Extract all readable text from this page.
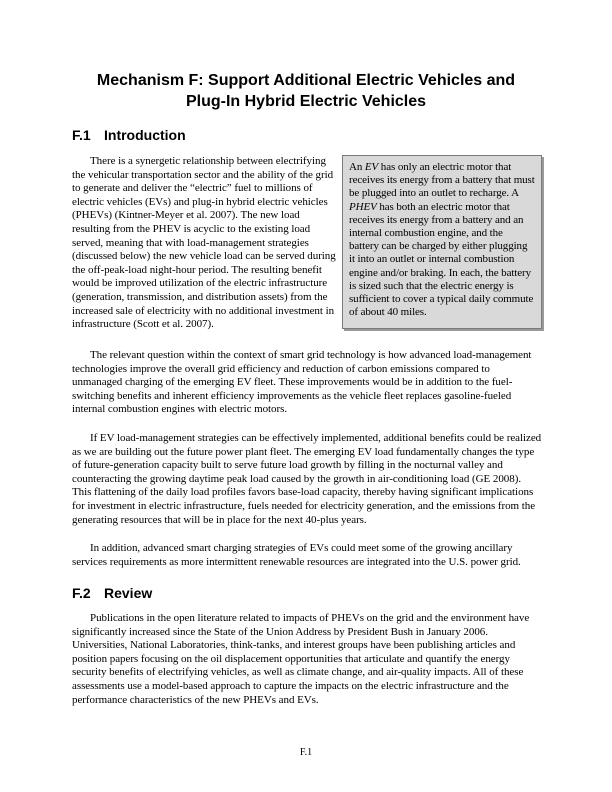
Mechanism F: Support Additional Electric Vehicles and
Plug-In Hybrid Electric Vehicles
F.1 Introduction

There is a synergetic relationship between electrifying the vehicular transportation sector and the ability of the grid to generate and deliver the “electric” fuel to millions of electric vehicles (EVs) and plug-in hybrid electric vehicles (PHEVs) (Kintner-Meyer et al. 2007). The new load resulting from the PHEV is acyclic to the existing load served, meaning that with load-management strategies (discussed below) the new vehicle load can be served during the off-peak-load night-hour period. The resulting benefit would be improved utilization of the electric infrastructure (generation, transmission, and distribution assets) from the increased sale of electricity with no additional investment in infrastructure (Scott et al. 2007).

An EV has only an electric motor that receives its energy from a battery that must be plugged into an outlet to recharge. A PHEV has both an electric motor that receives its energy from a battery and an internal combustion engine, and the battery can be charged by either plugging it into an outlet or internal combustion engine and/or braking. In each, the battery is sized such that the electric energy is sufficient to cover a typical daily commute of about 40 miles.

The relevant question within the context of smart grid technology is how advanced load-management technologies improve the overall grid efficiency and reduction of carbon emissions compared to unmanaged charging of the emerging EV fleet. These improvements would be in addition to the fuel-switching benefits and inherent efficiency improvements as the vehicle fleet replaces gasoline-fueled internal combustion engines with electric motors.

If EV load-management strategies can be effectively implemented, additional benefits could be realized as we are building out the future power plant fleet. The emerging EV load fundamentally changes the type of future-generation capacity built to serve future load growth by filling in the nocturnal valley and counteracting the growing daytime peak load caused by the growth in air-conditioning load (GE 2008). This flattening of the daily load profiles favors base-load capacity, thereby having significant implications for investment in electric infrastructure, fuels needed for electricity generation, and the emissions from the generating resources that will be in place for the next 40-plus years.

In addition, advanced smart charging strategies of EVs could meet some of the growing ancillary services requirements as more intermittent renewable resources are integrated into the U.S. power grid.

F.2 Review

Publications in the open literature related to impacts of PHEVs on the grid and the environment have significantly increased since the State of the Union Address by President Bush in January 2006. Universities, National Laboratories, think-tanks, and interest groups have been publishing articles and position papers focusing on the oil displacement opportunities that articulate and quantify the energy security benefits of electrifying vehicles, as well as climate change, and air-quality impacts. All of these assessments use a model-based approach to capture the impacts on the electric infrastructure and the performance characteristics of the new PHEVs and EVs.

F.1
